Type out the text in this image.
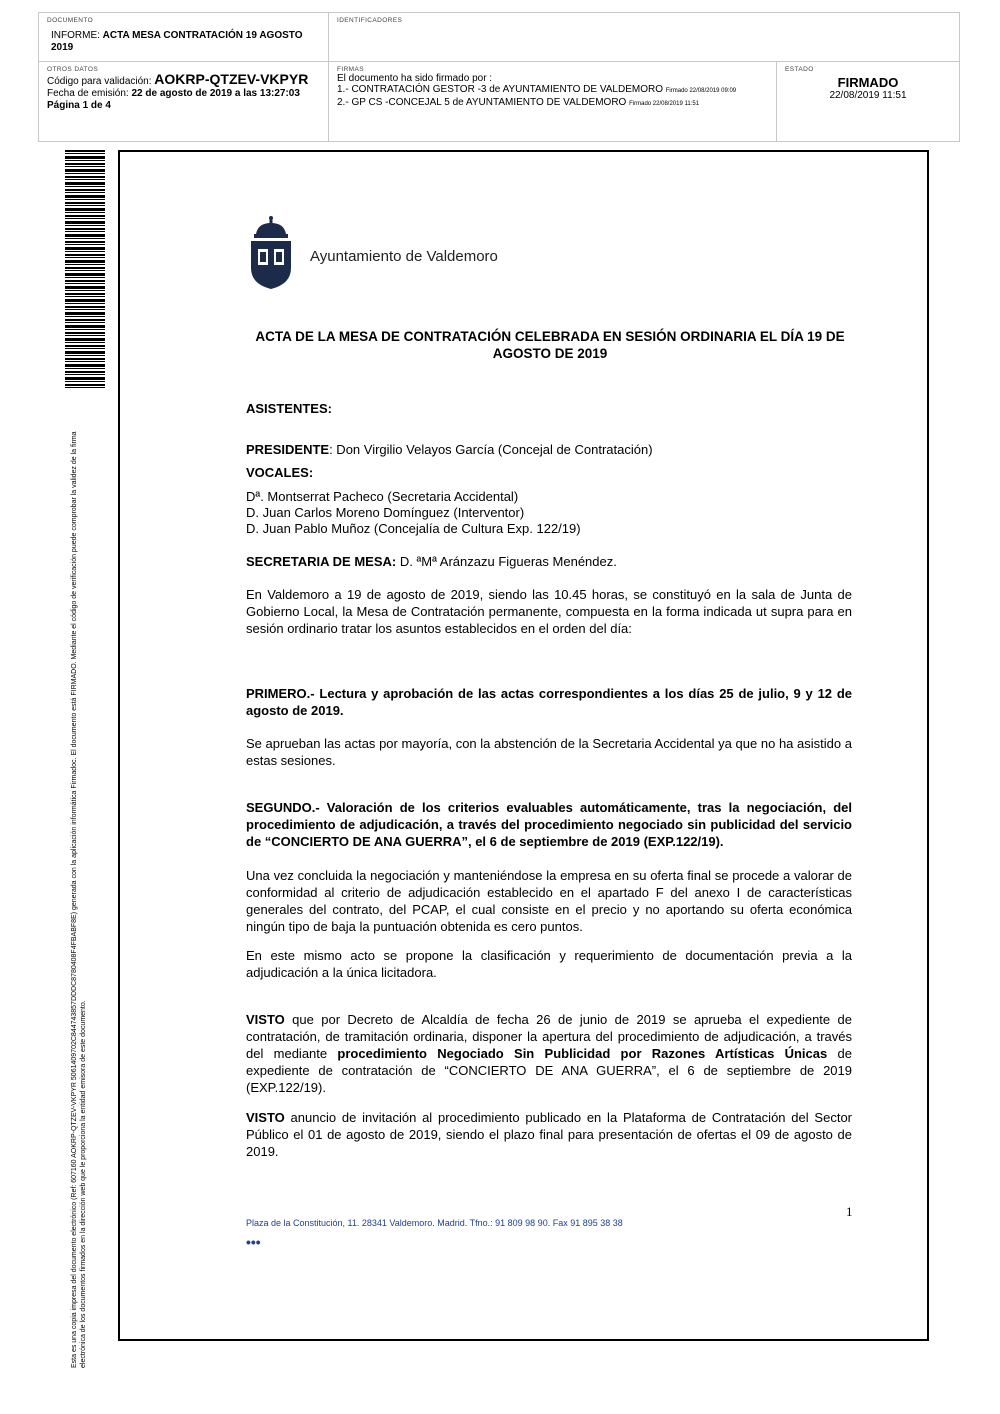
DOCUMENTO
INFORME: ACTA MESA CONTRATACIÓN 19 AGOSTO 2019
IDENTIFICADORES
OTROS DATOS
Código para validación: AOKRP-QTZEV-VKPYR
Fecha de emisión: 22 de agosto de 2019 a las 13:27:03
Página 1 de 4
FIRMAS
El documento ha sido firmado por :
1.- CONTRATACIÓN GESTOR -3 de AYUNTAMIENTO DE VALDEMORO Firmado 22/08/2019 09:09
2.- GP CS -CONCEJAL 5 de AYUNTAMIENTO DE VALDEMORO Firmado 22/08/2019 11:51
ESTADO
FIRMADO
22/08/2019 11:51
Esta es una copia impresa del documento electrónico (Ref: 607160 AOKRP-QTZEV-VKPYR 5061409702C844743857DDDC8780408F4FBABF8E) generada con la aplicación informática Firmadoc. El documento está FIRMADO. Mediante el código de verificación puede comprobar la validez de la firma electrónica de los documentos firmados en la dirección web que le proporciona la entidad emisora de este documento.
Ayuntamiento de Valdemoro
ACTA DE LA MESA DE CONTRATACIÓN CELEBRADA EN SESIÓN ORDINARIA EL DÍA 19 DE AGOSTO DE 2019
ASISTENTES:
PRESIDENTE: Don Virgilio Velayos García (Concejal de Contratación)
VOCALES:
Dª. Montserrat Pacheco (Secretaria Accidental)
D. Juan Carlos Moreno Domínguez (Interventor)
D. Juan Pablo Muñoz (Concejalía de Cultura Exp. 122/19)
SECRETARIA DE MESA: D. ªMª Aránzazu Figueras Menéndez.
En Valdemoro a 19 de agosto de 2019, siendo las 10.45 horas, se constituyó en la sala de Junta de Gobierno Local, la Mesa de Contratación permanente, compuesta en la forma indicada ut supra para en sesión ordinario tratar los asuntos establecidos en el orden del día:
PRIMERO.- Lectura y aprobación de las actas correspondientes a los días 25 de julio, 9 y 12 de agosto de 2019.
Se aprueban las actas por mayoría, con la abstención de la Secretaria Accidental ya que no ha asistido a estas sesiones.
SEGUNDO.- Valoración de los criterios evaluables automáticamente, tras la negociación, del procedimiento de adjudicación, a través del procedimiento negociado sin publicidad del servicio de “CONCIERTO DE ANA GUERRA”, el 6 de septiembre de 2019 (EXP.122/19).
Una vez concluida la negociación y manteniéndose la empresa en su oferta final se procede a valorar de conformidad al criterio de adjudicación establecido en el apartado F del anexo I de características generales del contrato, del PCAP, el cual consiste en el precio y no aportando su oferta económica ningún tipo de baja la puntuación obtenida es cero puntos.
En este mismo acto se propone la clasificación y requerimiento de documentación previa a la adjudicación a la única licitadora.
VISTO que por Decreto de Alcaldía de fecha 26 de junio de 2019 se aprueba el expediente de contratación, de tramitación ordinaria, disponer la apertura del procedimiento de adjudicación, a través del mediante procedimiento Negociado Sin Publicidad por Razones Artísticas Únicas de expediente de contratación de “CONCIERTO DE ANA GUERRA”, el 6 de septiembre de 2019 (EXP.122/19).
VISTO anuncio de invitación al procedimiento publicado en la Plataforma de Contratación del Sector Público el 01 de agosto de 2019, siendo el plazo final para presentación de ofertas el 09 de agosto de 2019.
1
Plaza de la Constitución, 11. 28341 Valdemoro. Madrid. Tfno.: 91 809 98 90. Fax 91 895 38 38
•••
